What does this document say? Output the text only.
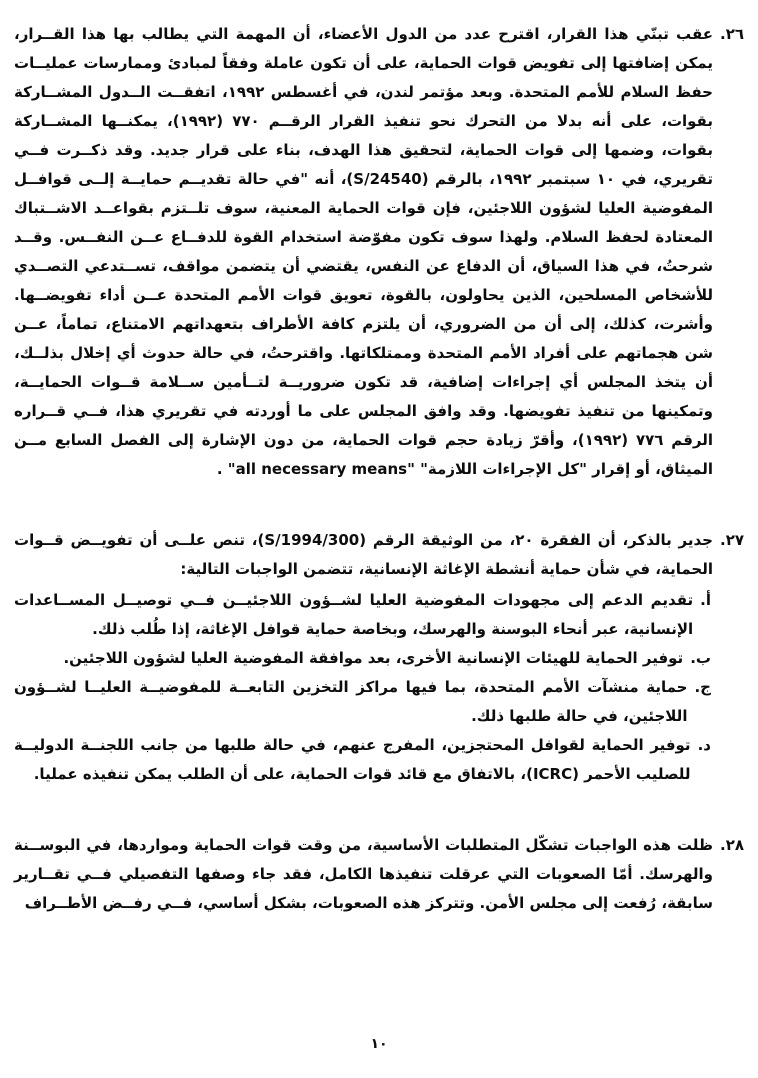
٢٦.
عقب تبنّي هذا القرار، اقترح عدد من الدول الأعضاء، أن المهمة التي يطالب بها هذا القــرار، يمكن إضافتها إلى تفويض قوات الحماية، على أن تكون عاملة وفقاً لمبادئ وممارسات عمليــات حفظ السلام للأمم المتحدة. وبعد مؤتمر لندن، في أغسطس ١٩٩٢، اتفقــت الــدول المشــاركة بقوات، على أنه بدلا من التحرك نحو تنفيذ القرار الرقــم ٧٧٠ (١٩٩٢)، يمكنــها المشــاركة بقوات، وضمها إلى قوات الحماية، لتحقيق هذا الهدف، بناء على قرار جديد. وقد ذكــرت فــي تقريري، في ١٠ سبتمبر ١٩٩٢، بالرقم (S/24540)، أنه "في حالة تقديــم حمايــة إلــى قوافــل المفوضية العليا لشؤون اللاجئين، فإن قوات الحماية المعنية، سوف تلــتزم بقواعــد الاشــتباك المعتادة لحفظ السلام. ولهذا سوف تكون مفوّضة استخدام القوة للدفــاع عــن النفــس. وقــد شرحتُ، في هذا السياق، أن الدفاع عن النفس، يقتضي أن يتضمن مواقف، تســتدعي التصــدي للأشخاص المسلحين، الذين يحاولون، بالقوة، تعويق قوات الأمم المتحدة عــن أداء تفويضــها. وأشرت، كذلك، إلى أن من الضروري، أن يلتزم كافة الأطراف بتعهداتهم الامتناع، تماماً، عــن شن هجماتهم على أفراد الأمم المتحدة وممتلكاتها. واقترحتُ، في حالة حدوث أي إخلال بذلــك، أن يتخذ المجلس أي إجراءات إضافية، قد تكون ضروريــة لتــأمين ســلامة قــوات الحمايــة، وتمكينها من تنفيذ تفويضها. وقد وافق المجلس على ما أوردته في تقريري هذا، فــي قــراره الرقم ٧٧٦ (١٩٩٢)، وأقرّ زيادة حجم قوات الحماية، من دون الإشارة إلى الفصل السابع مــن الميثاق، أو إقرار "كل الإجراءات اللازمة" "all necessary means" .
٢٧.
جدير بالذكر، أن الفقرة ٢٠، من الوثيقة الرقم (S/1994/300)، تنص علــى أن تفويــض قــوات الحماية، في شأن حماية أنشطة الإغاثة الإنسانية، تتضمن الواجبات التالية:
أ.
تقديم الدعم إلى مجهودات المفوضية العليا لشــؤون اللاجئيــن فــي توصيــل المســاعدات الإنسانية، عبر أنحاء البوسنة والهرسك، وبخاصة حماية قوافل الإغاثة، إذا طُلب ذلك.
ب.
توفير الحماية للهيئات الإنسانية الأخرى، بعد موافقة المفوضية العليا لشؤون اللاجئين.
ج.
حماية منشآت الأمم المتحدة، بما فيها مراكز التخزين التابعــة للمفوضيــة العليــا لشــؤون اللاجئين، في حالة طلبها ذلك.
د.
توفير الحماية لقوافل المحتجزين، المفرج عنهم، في حالة طلبها من جانب اللجنــة الدوليــة للصليب الأحمر (ICRC)، بالاتفاق مع قائد قوات الحماية، على أن الطلب يمكن تنفيذه عمليا.
٢٨.
ظلت هذه الواجبات تشكّل المتطلبات الأساسية، من وقت قوات الحماية ومواردها، في البوســنة والهرسك. أمّا الصعوبات التي عرقلت تنفيذها الكامل، فقد جاء وصفها التفصيلي فــي تقــارير سابقة، رُفعت إلى مجلس الأمن. وتتركز هذه الصعوبات، بشكل أساسي، فــي رفــض الأطــراف
١٠
